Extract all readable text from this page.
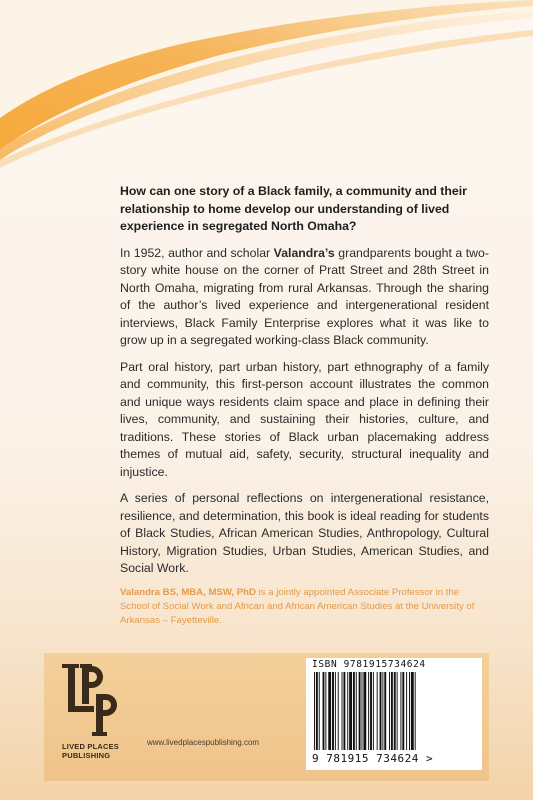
How can one story of a Black family, a community and their relationship to home develop our understanding of lived experience in segregated North Omaha?

In 1952, author and scholar Valandra’s grandparents bought a two-story white house on the corner of Pratt Street and 28th Street in North Omaha, migrating from rural Arkansas. Through the sharing of the author’s lived experience and intergenerational resident interviews, Black Family Enterprise explores what it was like to grow up in a segregated working-class Black community.

Part oral history, part urban history, part ethnography of a family and community, this first-person account illustrates the common and unique ways residents claim space and place in defining their lives, community, and sustaining their histories, culture, and traditions. These stories of Black urban placemaking address themes of mutual aid, safety, security, structural inequality and injustice.

A series of personal reflections on intergenerational resistance, resilience, and determination, this book is ideal reading for students of Black Studies, African American Studies, Anthropology, Cultural History, Migration Studies, Urban Studies, American Studies, and Social Work.

Valandra BS, MBA, MSW, PhD is a jointly appointed Associate Professor in the School of Social Work and African and African American Studies at the University of Arkansas – Fayetteville.
LIVED PLACES
PUBLISHING
www.livedplacespublishing.com
ISBN 9781915734624
9 781915 734624 >
